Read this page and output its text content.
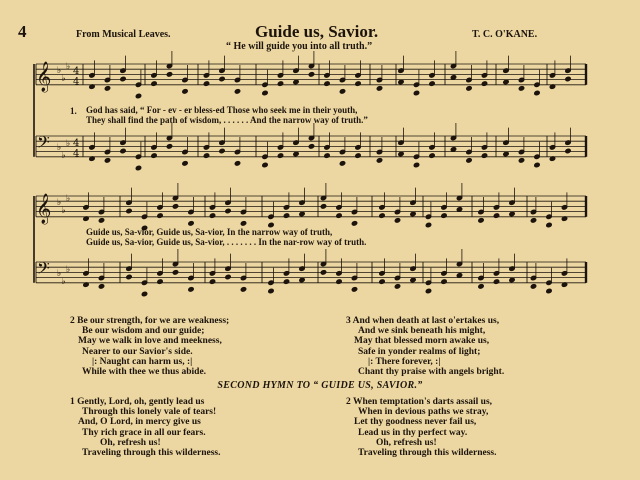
𝄞 ♭
♭
♭ 4
4
𝄢 ♭
♭
♭ 4
4
𝄞 ♭
♭
♭
𝄢 ♭
♭
♭
4	From Musical Leaves.	Guide us, Savior.	T. C. O'KANE.
“ He will guide you into all truth.”
1. God has said, “ For - ev - er bless-ed Those who seek me in their youth,
They shall find the path of wisdom, . . . . . . And the narrow way of truth.”
Guide us, Sa-vior, Guide us, Sa-vior, In the narrow way of truth,
Guide us, Sa-vior, Guide us, Sa-vior, . . . . . . . In the nar-row way of truth.
2 Be our strength, for we are weakness;
Be our wisdom and our guide;
May we walk in love and meekness,
Nearer to our Savior's side.
|: Naught can harm us, :|
While with thee we thus abide.
3 And when death at last o'ertakes us,
And we sink beneath his might,
May that blessed morn awake us,
Safe in yonder realms of light;
|: There forever, :|
Chant thy praise with angels bright.
SECOND HYMN TO “ GUIDE US, SAVIOR.”
1 Gently, Lord, oh, gently lead us
Through this lonely vale of tears!
And, O Lord, in mercy give us
Thy rich grace in all our fears.
Oh, refresh us!
Traveling through this wilderness.
2 When temptation's darts assail us,
When in devious paths we stray,
Let thy goodness never fail us,
Lead us in thy perfect way.
Oh, refresh us!
Traveling through this wilderness.
